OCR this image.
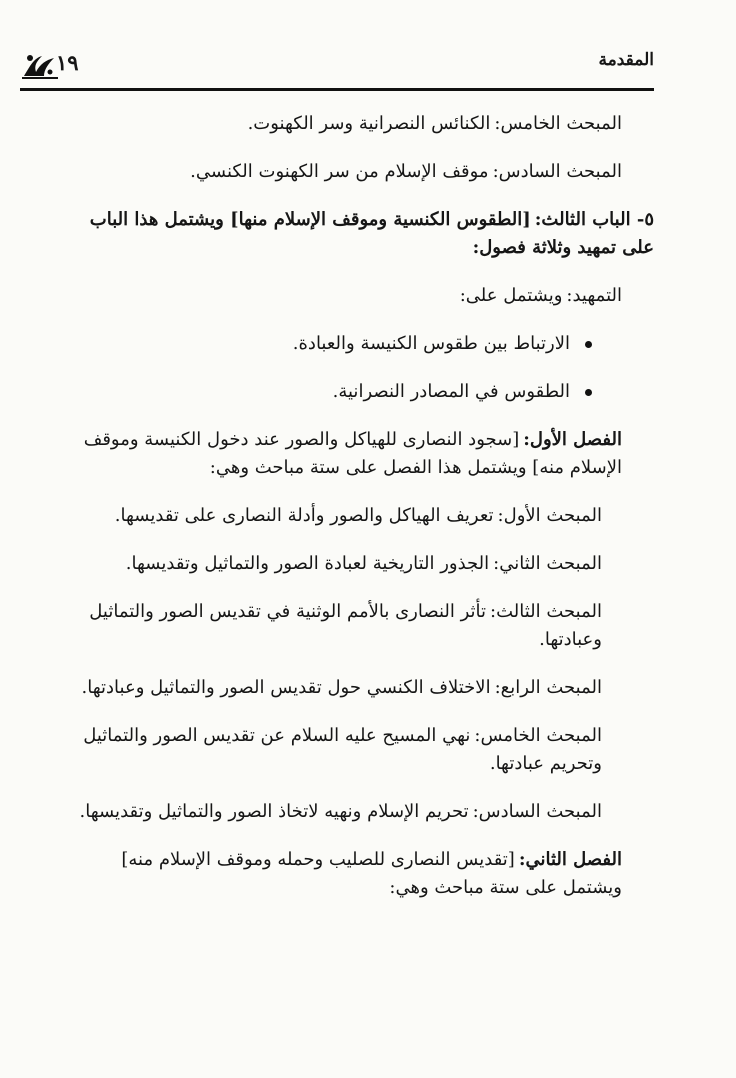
المقدمة
١٩

المبحث الخامس:الكنائس النصرانية وسر الكهنوت.

المبحث السادس:موقف الإسلام من سر الكهنوت الكنسي.

٥- الباب الثالث:[الطقوس الكنسية وموقف الإسلام منها] ويشتمل هذا الباب على تمهيد وثلاثة فصول:

التمهيد:ويشتمل على:

الارتباط بين طقوس الكنيسة والعبادة.

الطقوس في المصادر النصرانية.

الفصل الأول:[سجود النصارى للهياكل والصور عند دخول الكنيسة وموقف الإسلام منه] ويشتمل هذا الفصل على ستة مباحث وهي:

المبحث الأول:تعريف الهياكل والصور وأدلة النصارى على تقديسها.

المبحث الثاني:الجذور التاريخية لعبادة الصور والتماثيل وتقديسها.

المبحث الثالث:تأثر النصارى بالأمم الوثنية في تقديس الصور والتماثيل وعبادتها.

المبحث الرابع:الاختلاف الكنسي حول تقديس الصور والتماثيل وعبادتها.

المبحث الخامس:نهي المسيح عليه السلام عن تقديس الصور والتماثيل وتحريم عبادتها.

المبحث السادس:تحريم الإسلام ونهيه لاتخاذ الصور والتماثيل وتقديسها.

الفصل الثاني:[تقديس النصارى للصليب وحمله وموقف الإسلام منه] ويشتمل على ستة مباحث وهي:
